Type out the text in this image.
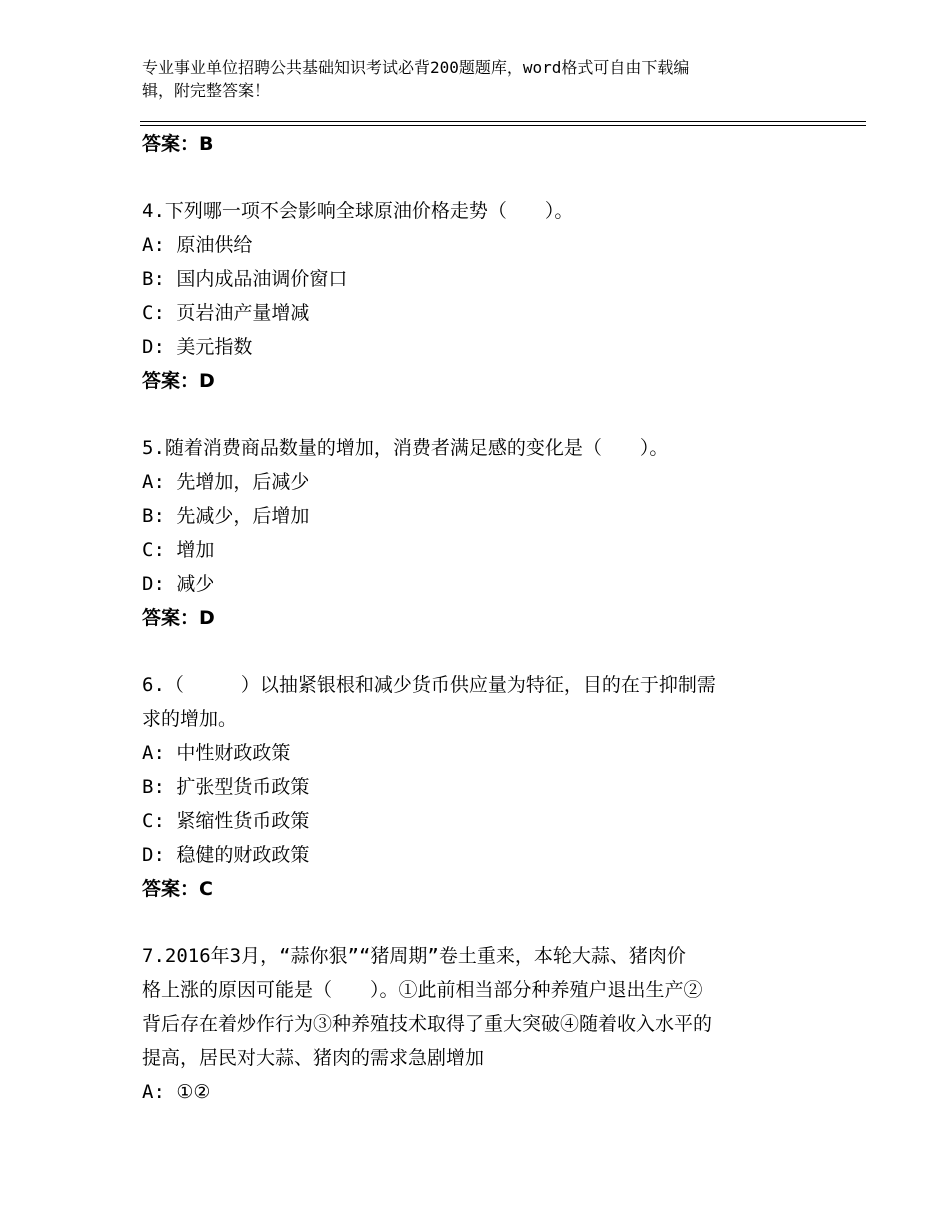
专业事业单位招聘公共基础知识考试必背200题题库，word格式可自由下载编
辑，附完整答案！
答案：B
4.下列哪一项不会影响全球原油价格走势（　　）。
A: 原油供给
B: 国内成品油调价窗口
C: 页岩油产量增减
D: 美元指数
答案：D
5.随着消费商品数量的增加，消费者满足感的变化是（　　）。
A: 先增加，后减少
B: 先减少，后增加
C: 增加
D: 减少
答案：D
6.（　　　）以抽紧银根和减少货币供应量为特征，目的在于抑制需
求的增加。
A: 中性财政政策
B: 扩张型货币政策
C: 紧缩性货币政策
D: 稳健的财政政策
答案：C
7.2016年3月，“蒜你狠”“猪周期”卷土重来，本轮大蒜、猪肉价
格上涨的原因可能是（　　）。①此前相当部分种养殖户退出生产②
背后存在着炒作行为③种养殖技术取得了重大突破④随着收入水平的
提高，居民对大蒜、猪肉的需求急剧增加
A: ①②
